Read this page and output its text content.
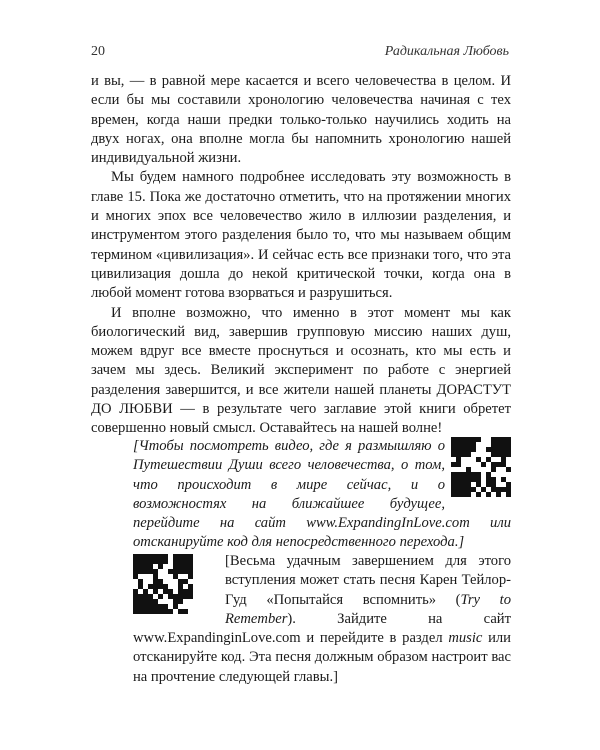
20	Радикальная Любовь

и вы, — в равной мере касается и всего человечества в целом. И если бы мы составили хронологию человечества начиная с тех времен, когда наши предки только-только научились ходить на двух ногах, она вполне могла бы напомнить хронологию нашей индивидуальной жизни.

Мы будем намного подробнее исследовать эту возможность в главе 15. Пока же достаточно отметить, что на протяжении многих и многих эпох все человечество жило в иллюзии разделения, и инструментом этого разделения было то, что мы называем общим термином «цивилизация». И сейчас есть все признаки того, что эта цивилизация дошла до некой критической точки, когда она в любой момент готова взорваться и разрушиться.

И вполне возможно, что именно в этот момент мы как биологический вид, завершив групповую миссию наших душ, можем вдруг все вместе проснуться и осознать, кто мы есть и зачем мы здесь. Великий эксперимент по работе с энергией разделения завершится, и все жители нашей планеты ДОРАСТУТ ДО ЛЮБВИ — в результате чего заглавие этой книги обретет совершенно новый смысл. Оставайтесь на нашей волне!

[Чтобы посмотреть видео, где я размышляю о Путешествии Души всего человечества, о том, что происходит в мире сейчас, и о возможностях на ближайшее будущее, перейдите на сайт www.ExpandingInLove.com или отсканируйте код для непосредственного перехода.]

[Весьма удачным завершением для этого вступления может стать песня Карен Тейлор-Гуд «Попытайся вспомнить» (Try to Remember). Зайдите на сайт www.ExpandinginLove.com и перейдите в раздел music или отсканируйте код. Эта песня должным образом настроит вас на прочтение следующей главы.]
